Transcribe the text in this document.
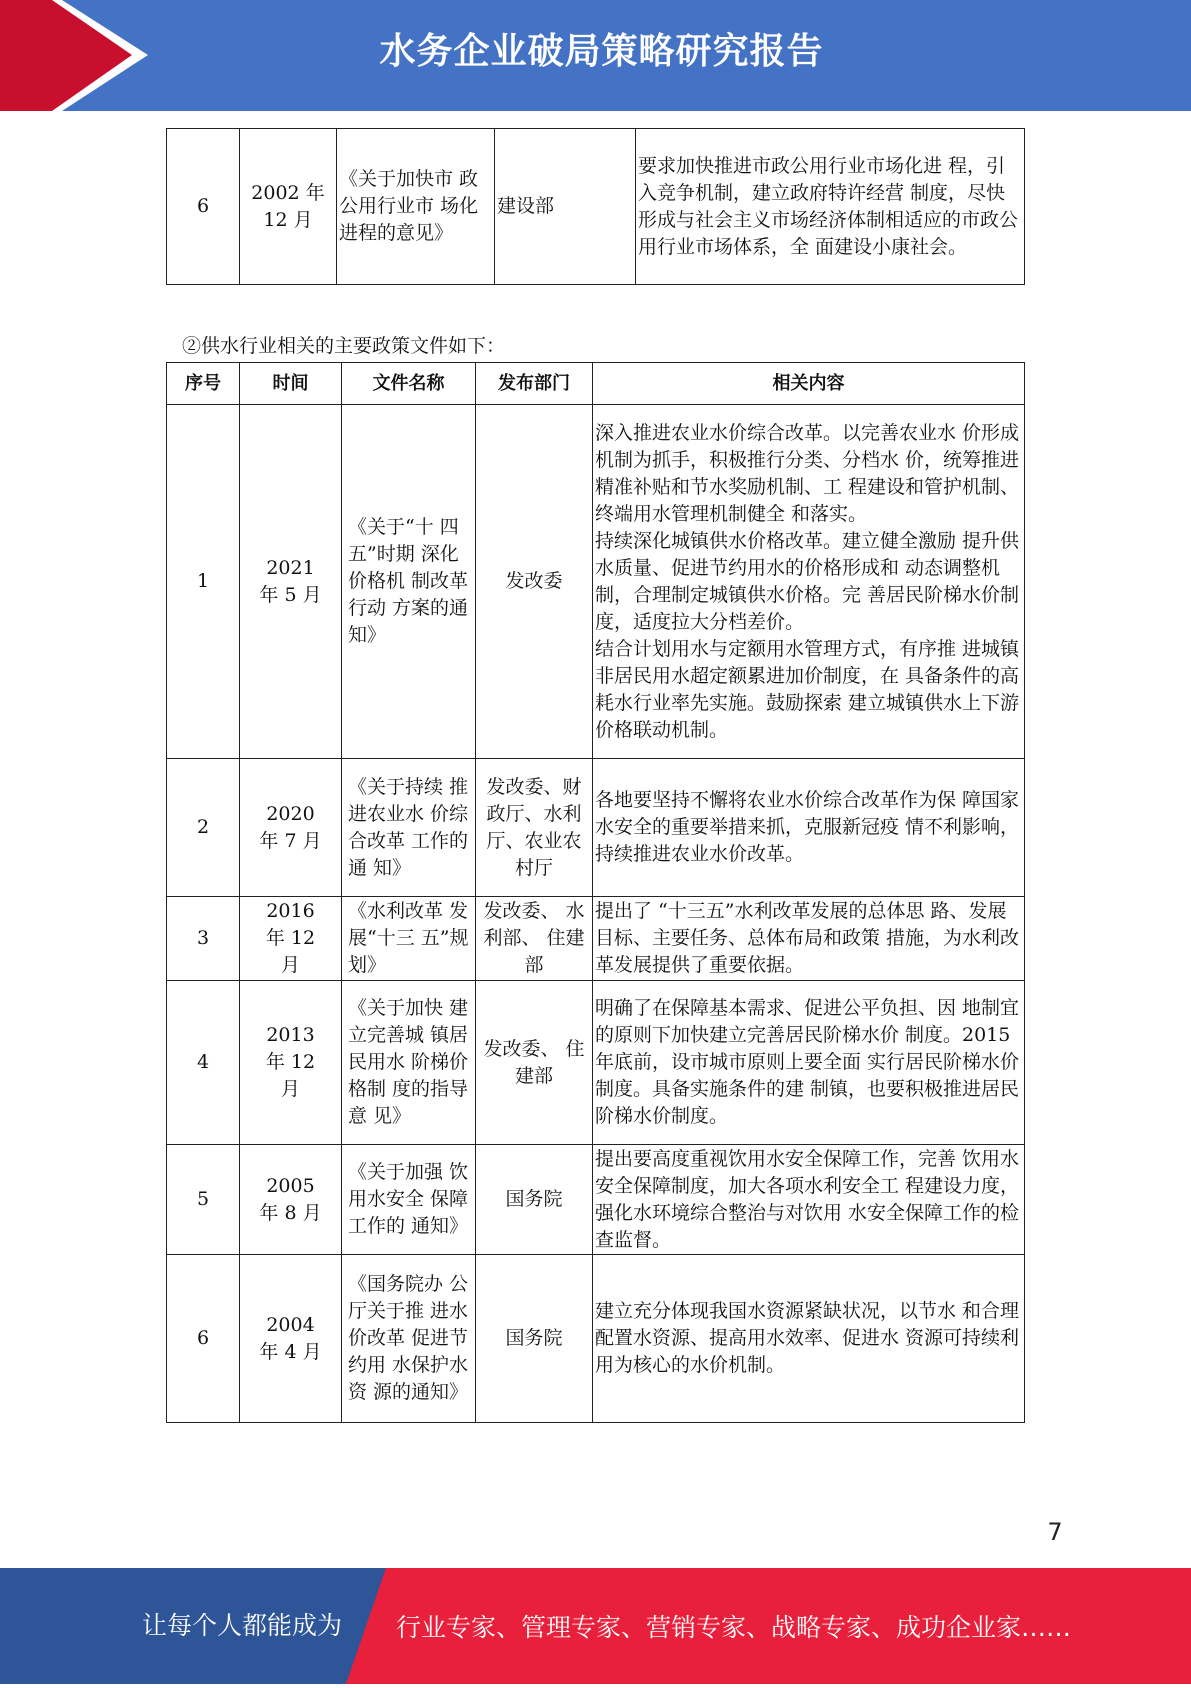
水务企业破局策略研究报告
6	2002 年 12 月	《关于加快市 政公用行业市 场化进程的意见》	建设部	要求加快推进市政公用行业市场化进 程，引入竞争机制，建立政府特许经营 制度，尽快形成与社会主义市场经济体制相适应的市政公用行业市场体系，全 面建设小康社会。
②供水行业相关的主要政策文件如下：
序号	时间	文件名称	发布部门	相关内容
1	2021 年 5 月	《关于“十 四五”时期 深化价格机 制改革行动 方案的通知》	发改委	深入推进农业水价综合改革。以完善农业水 价形成机制为抓手，积极推行分类、分档水 价，统筹推进精准补贴和节水奖励机制、工 程建设和管护机制、终端用水管理机制健全 和落实。
持续深化城镇供水价格改革。建立健全激励 提升供水质量、促进节约用水的价格形成和 动态调整机制，合理制定城镇供水价格。完 善居民阶梯水价制度，适度拉大分档差价。
结合计划用水与定额用水管理方式，有序推 进城镇非居民用水超定额累进加价制度，在 具备条件的高耗水行业率先实施。鼓励探索 建立城镇供水上下游价格联动机制。
2	2020 年 7 月	《关于持续 推进农业水 价综合改革 工作的通 知》	发改委、财政厅、水利厅、农业农村厅	各地要坚持不懈将农业水价综合改革作为保 障国家水安全的重要举措来抓，克服新冠疫 情不利影响，持续推进农业水价改革。
3	2016 年 12 月	《水利改革 发展“十三 五”规划》	发改委、 水利部、 住建部	提出了 “十三五”水利改革发展的总体思 路、发展目标、主要任务、总体布局和政策 措施，为水利改革发展提供了重要依据。
4	2013 年 12 月	《关于加快 建立完善城 镇居民用水 阶梯价格制 度的指导意 见》	发改委、 住建部	明确了在保障基本需求、促进公平负担、因 地制宜的原则下加快建立完善居民阶梯水价 制度。2015 年底前，设市城市原则上要全面 实行居民阶梯水价制度。具备实施条件的建 制镇，也要积极推进居民阶梯水价制度。
5	2005 年 8 月	《关于加强 饮用水安全 保障工作的 通知》	国务院	提出要高度重视饮用水安全保障工作，完善 饮用水安全保障制度，加大各项水利安全工 程建设力度，强化水环境综合整治与对饮用 水安全保障工作的检查监督。
6	2004 年 4 月	《国务院办 公厅关于推 进水价改革 促进节约用 水保护水资 源的通知》	国务院	建立充分体现我国水资源紧缺状况，以节水 和合理配置水资源、提高用水效率、促进水 资源可持续利用为核心的水价机制。
7
让每个人都能成为 行业专家、管理专家、营销专家、战略专家、成功企业家……
